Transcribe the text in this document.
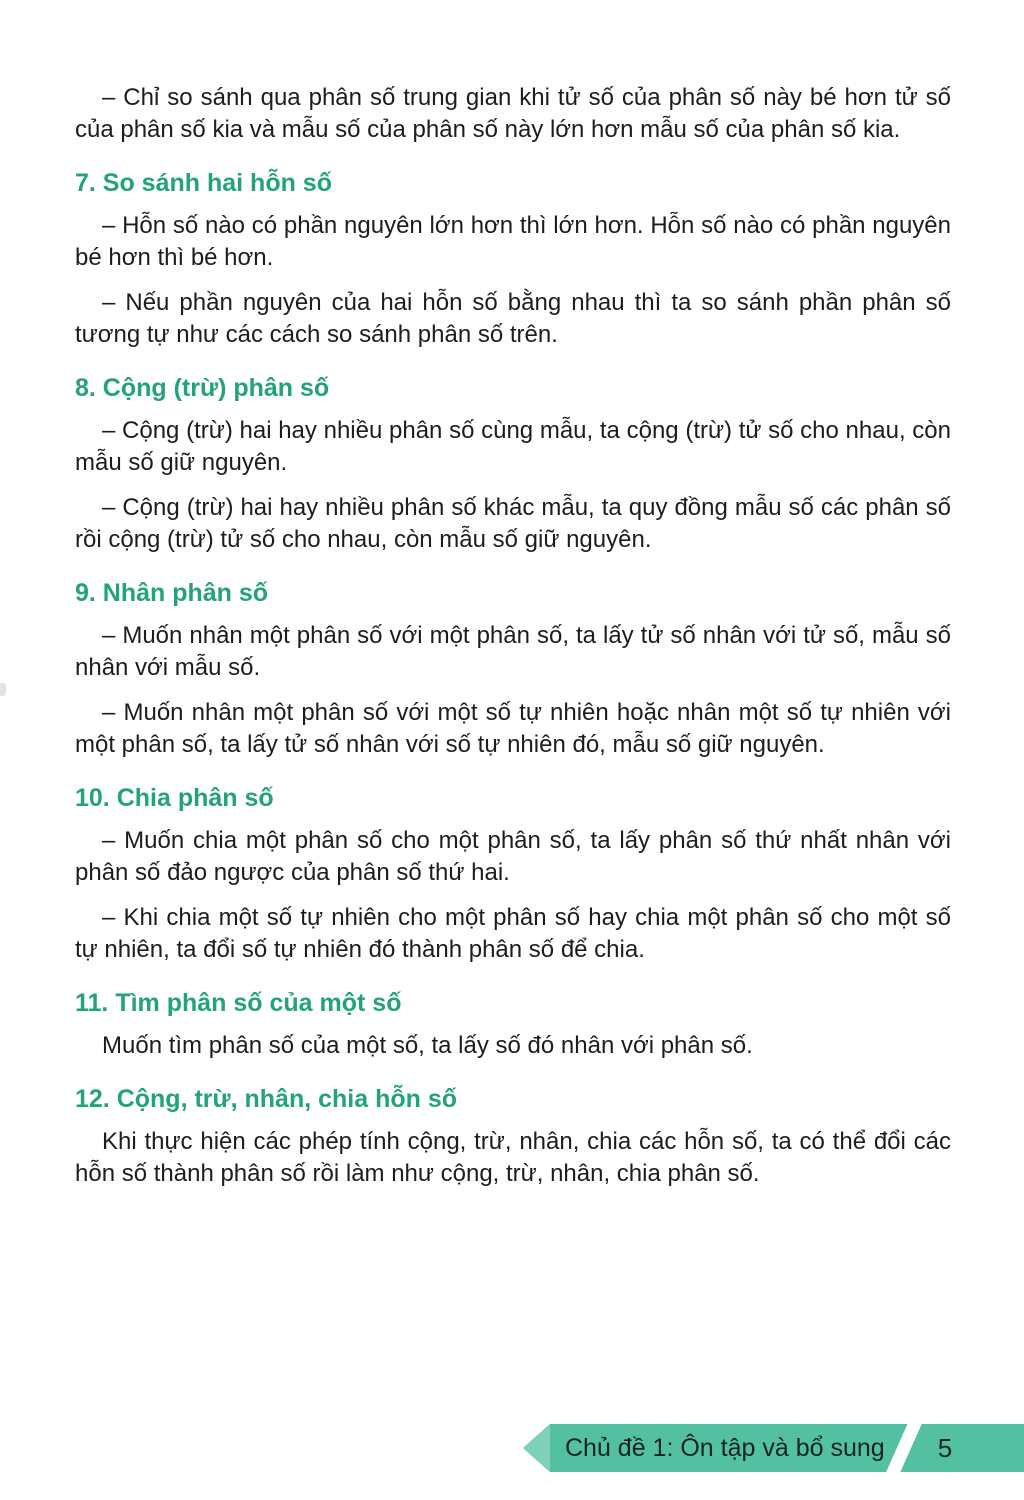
– Chỉ so sánh qua phân số trung gian khi tử số của phân số này bé hơn tử số của phân số kia và mẫu số của phân số này lớn hơn mẫu số của phân số kia.

7. So sánh hai hỗn số

– Hỗn số nào có phần nguyên lớn hơn thì lớn hơn. Hỗn số nào có phần nguyên bé hơn thì bé hơn.

– Nếu phần nguyên của hai hỗn số bằng nhau thì ta so sánh phần phân số tương tự như các cách so sánh phân số trên.

8. Cộng (trừ) phân số

– Cộng (trừ) hai hay nhiều phân số cùng mẫu, ta cộng (trừ) tử số cho nhau, còn mẫu số giữ nguyên.

– Cộng (trừ) hai hay nhiều phân số khác mẫu, ta quy đồng mẫu số các phân số rồi cộng (trừ) tử số cho nhau, còn mẫu số giữ nguyên.

9. Nhân phân số

– Muốn nhân một phân số với một phân số, ta lấy tử số nhân với tử số, mẫu số nhân với mẫu số.

– Muốn nhân một phân số với một số tự nhiên hoặc nhân một số tự nhiên với một phân số, ta lấy tử số nhân với số tự nhiên đó, mẫu số giữ nguyên.

10. Chia phân số

– Muốn chia một phân số cho một phân số, ta lấy phân số thứ nhất nhân với phân số đảo ngược của phân số thứ hai.

– Khi chia một số tự nhiên cho một phân số hay chia một phân số cho một số tự nhiên, ta đổi số tự nhiên đó thành phân số để chia.

11. Tìm phân số của một số

Muốn tìm phân số của một số, ta lấy số đó nhân với phân số.

12. Cộng, trừ, nhân, chia hỗn số

Khi thực hiện các phép tính cộng, trừ, nhân, chia các hỗn số, ta có thể đổi các hỗn số thành phân số rồi làm như cộng, trừ, nhân, chia phân số.

Chủ đề 1: Ôn tập và bổ sung	5
